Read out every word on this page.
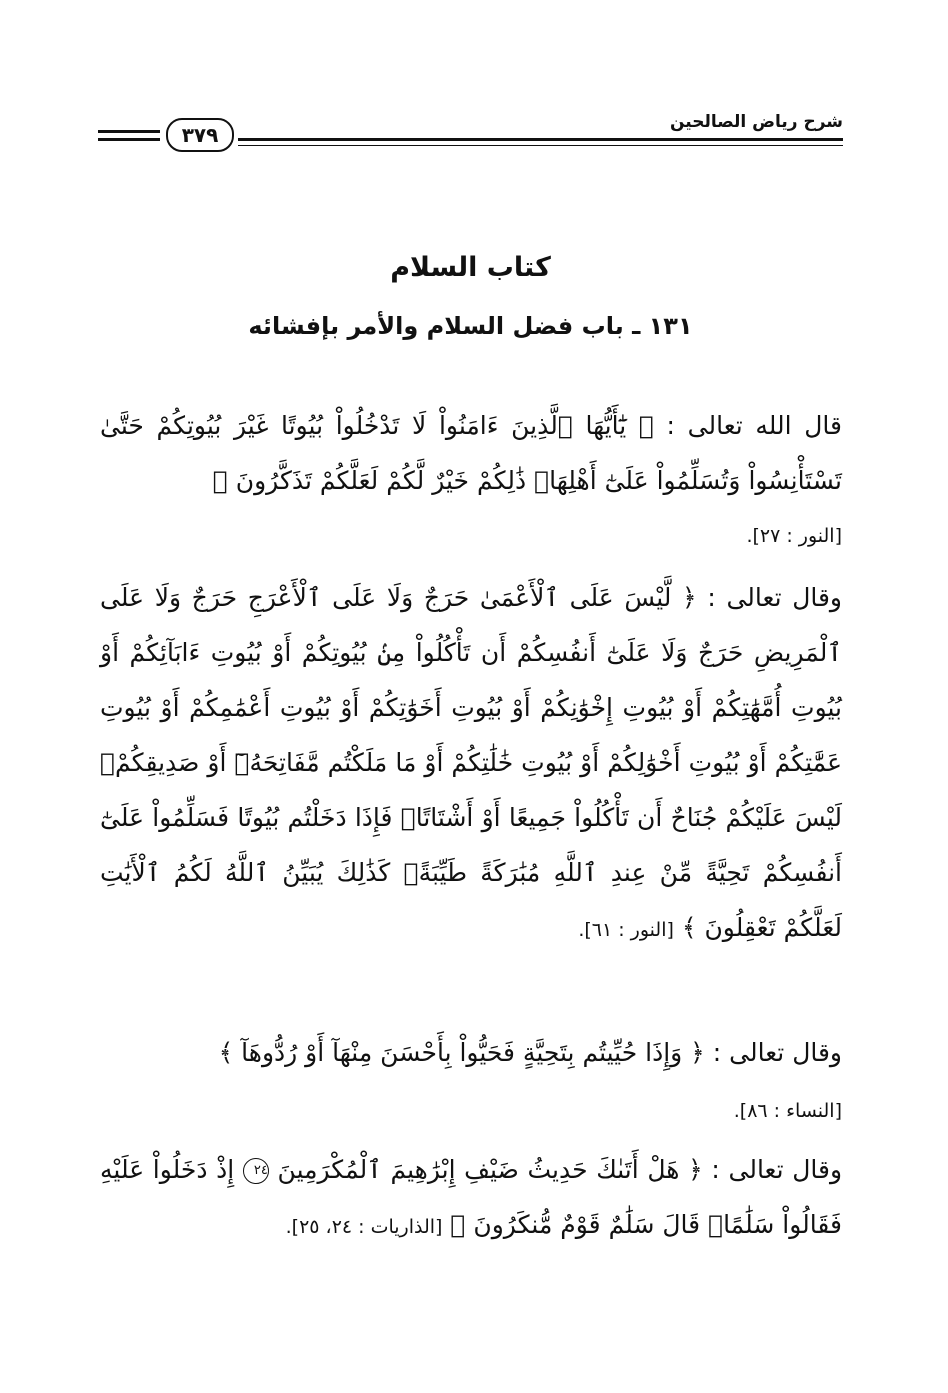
شرح رياض الصالحين
٣٧٩
كتاب السلام
١٣١ ـ باب فضل السلام والأمر بإفشائه
قال الله تعالى : ﴿ يَٰٓأَيُّهَا ٱلَّذِينَ ءَامَنُواْ لَا تَدْخُلُواْ بُيُوتًا غَيْرَ بُيُوتِكُمْ حَتَّىٰ تَسْتَأْنِسُواْ وَتُسَلِّمُواْ عَلَىٰٓ أَهْلِهَاۚ ذَٰلِكُمْ خَيْرٌ لَّكُمْ لَعَلَّكُمْ تَذَكَّرُونَ ﴾
[النور : ٢٧].
وقال تعالى : ﴿ لَّيْسَ عَلَى ٱلْأَعْمَىٰ حَرَجٌ وَلَا عَلَى ٱلْأَعْرَجِ حَرَجٌ وَلَا عَلَى ٱلْمَرِيضِ حَرَجٌ وَلَا عَلَىٰٓ أَنفُسِكُمْ أَن تَأْكُلُواْ مِنۢ بُيُوتِكُمْ أَوْ بُيُوتِ ءَابَآئِكُمْ أَوْ بُيُوتِ أُمَّهَٰتِكُمْ أَوْ بُيُوتِ إِخْوَٰنِكُمْ أَوْ بُيُوتِ أَخَوَٰتِكُمْ أَوْ بُيُوتِ أَعْمَٰمِكُمْ أَوْ بُيُوتِ عَمَّٰتِكُمْ أَوْ بُيُوتِ أَخْوَٰلِكُمْ أَوْ بُيُوتِ خَٰلَٰتِكُمْ أَوْ مَا مَلَكْتُم مَّفَاتِحَهُۥٓ أَوْ صَدِيقِكُمْۚ لَيْسَ عَلَيْكُمْ جُنَاحٌ أَن تَأْكُلُواْ جَمِيعًا أَوْ أَشْتَاتًاۚ فَإِذَا دَخَلْتُم بُيُوتًا فَسَلِّمُواْ عَلَىٰٓ أَنفُسِكُمْ تَحِيَّةً مِّنْ عِندِ ٱللَّهِ مُبَٰرَكَةً طَيِّبَةًۚ كَذَٰلِكَ يُبَيِّنُ ٱللَّهُ لَكُمُ ٱلْأَيَٰتِ لَعَلَّكُمْ تَعْقِلُونَ ﴾ [النور : ٦١].
وقال تعالى : ﴿ وَإِذَا حُيِّيتُم بِتَحِيَّةٍ فَحَيُّواْ بِأَحْسَنَ مِنْهَآ أَوْ رُدُّوهَآ ﴾
[النساء : ٨٦].
وقال تعالى : ﴿ هَلْ أَتَىٰكَ حَدِيثُ ضَيْفِ إِبْرَٰهِيمَ ٱلْمُكْرَمِينَ ٢٤ إِذْ دَخَلُواْ عَلَيْهِ فَقَالُواْ سَلَٰمًاۖ قَالَ سَلَٰمٌ قَوْمٌ مُّنكَرُونَ ﴾ [الذاريات : ٢٤، ٢٥].
